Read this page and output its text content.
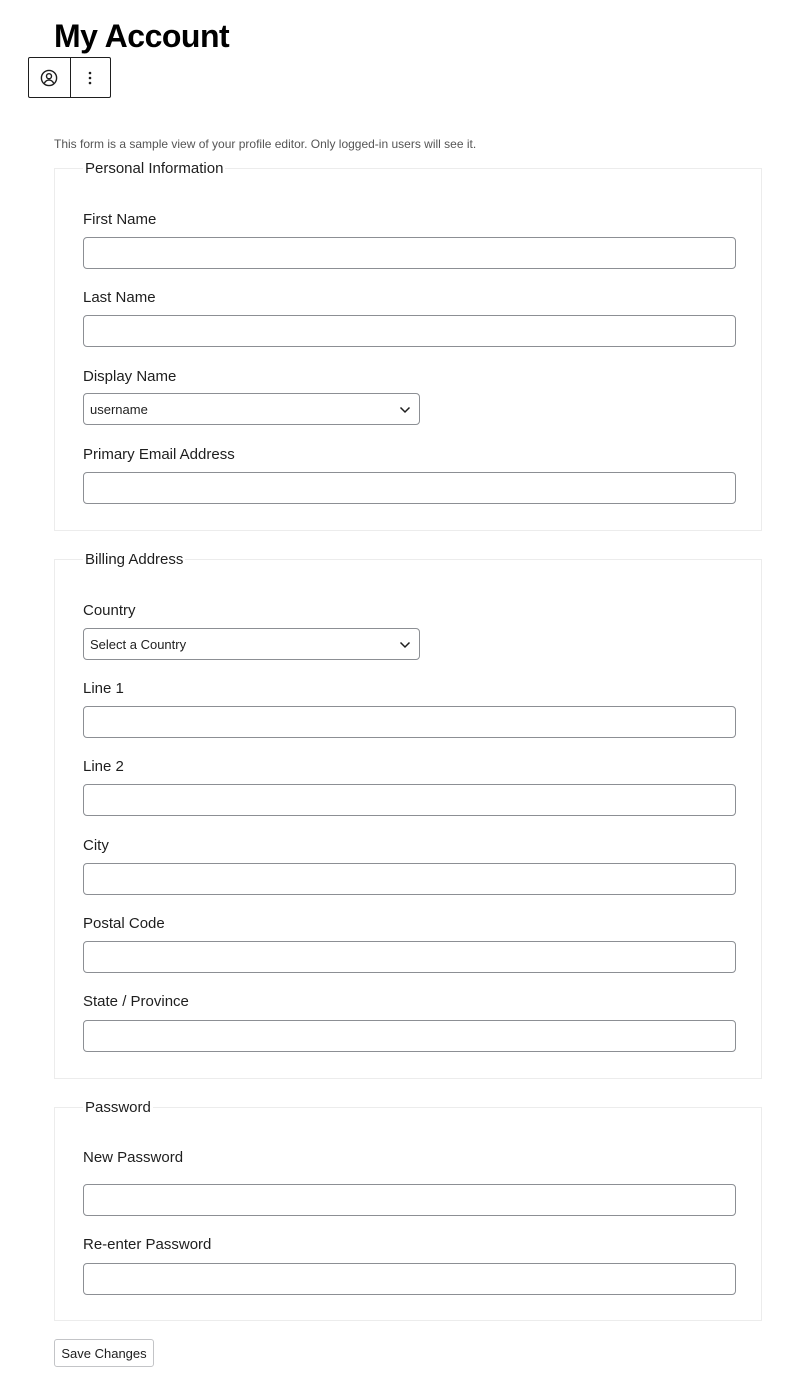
My Account

This form is a sample view of your profile editor. Only logged-in users will see it.

Personal Information
First Name
Last Name
Display Name
username
Primary Email Address
Billing Address
Country
Select a Country
Line 1
Line 2
City
Postal Code
State / Province
Password
New Password
Re-enter Password
Save Changes
